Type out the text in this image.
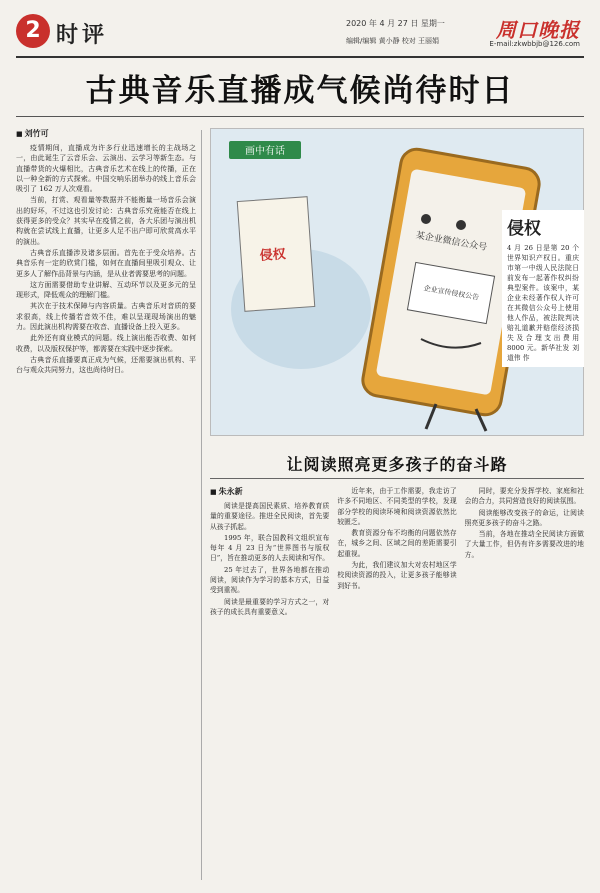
2 时评	2020 年 4 月 27 日 星期一
编辑/编辑 黄小静 校对 王丽娟	周口晚报
E-mail:zkwbbjb@126.com
古典音乐直播成气候尚待时日
■ 刘竹可

疫情期间，直播成为许多行业迅速增长的主战场之一，由此诞生了云音乐会、云演出、云学习等新生态。与直播带货的火爆相比，古典音乐艺术在线上的传播，正在以一种全新的方式探索。中国交响乐团举办的线上音乐会吸引了 162 万人次观看。

当前，打赏、观看量等数据并不能衡量一场音乐会演出的好坏，不过这也引发讨论：古典音乐究竟能否在线上获得更多的受众？其实早在疫情之前，各大乐团与演出机构就在尝试线上直播，让更多人足不出户即可欣赏高水平的演出。

古典音乐直播涉及诸多层面。首先在于受众培养。古典音乐有一定的欣赏门槛，如何在直播间里吸引观众、让更多人了解作品背景与内涵，是从业者需要思考的问题。

这方面需要借助专业讲解、互动环节以及更多元的呈现形式，降低观众的理解门槛。

其次在于技术保障与内容质量。古典音乐对音质的要求很高，线上传播若音效不佳，难以呈现现场演出的魅力。因此演出机构需要在收音、直播设备上投入更多。

此外还有商业模式的问题。线上演出能否收费、如何收费，以及版权保护等，都需要在实践中逐步探索。

古典音乐直播要真正成为气候，还需要演出机构、平台与观众共同努力，这也尚待时日。

画中有话
侵权
某企业微信公众号
企业宣传侵权公告
侵权

4 月 26 日是第 20 个世界知识产权日。重庆市第一中级人民法院日前发布一起著作权纠纷典型案件。该案中，某企业未经著作权人许可在其微信公众号上使用他人作品，被法院判决赔礼道歉并赔偿经济损失及合理支出费用 8000 元。新华社发 刘道伟 作

让阅读照亮更多孩子的奋斗路
■ 朱永新

阅读是提高国民素质、培养教育质量的重要途径。推进全民阅读，首先要从孩子抓起。

1995 年，联合国教科文组织宣布每年 4 月 23 日为“世界图书与版权日”，旨在推动更多的人去阅读和写作。

25 年过去了，世界各地都在推动阅读，阅读作为学习的基本方式，日益受到重视。

阅读是最重要的学习方式之一，对孩子的成长具有重要意义。

近年来，由于工作需要，我走访了许多不同地区、不同类型的学校，发现部分学校的阅读环境和阅读资源依然比较匮乏。

教育资源分布不均衡的问题依然存在，城乡之间、区域之间的差距需要引起重视。

为此，我们建议加大对农村地区学校阅读资源的投入，让更多孩子能够读到好书。

同时，要充分发挥学校、家庭和社会的合力，共同营造良好的阅读氛围。

阅读能够改变孩子的命运，让阅读照亮更多孩子的奋斗之路。

当前，各地在推动全民阅读方面做了大量工作，但仍有许多需要改进的地方。
